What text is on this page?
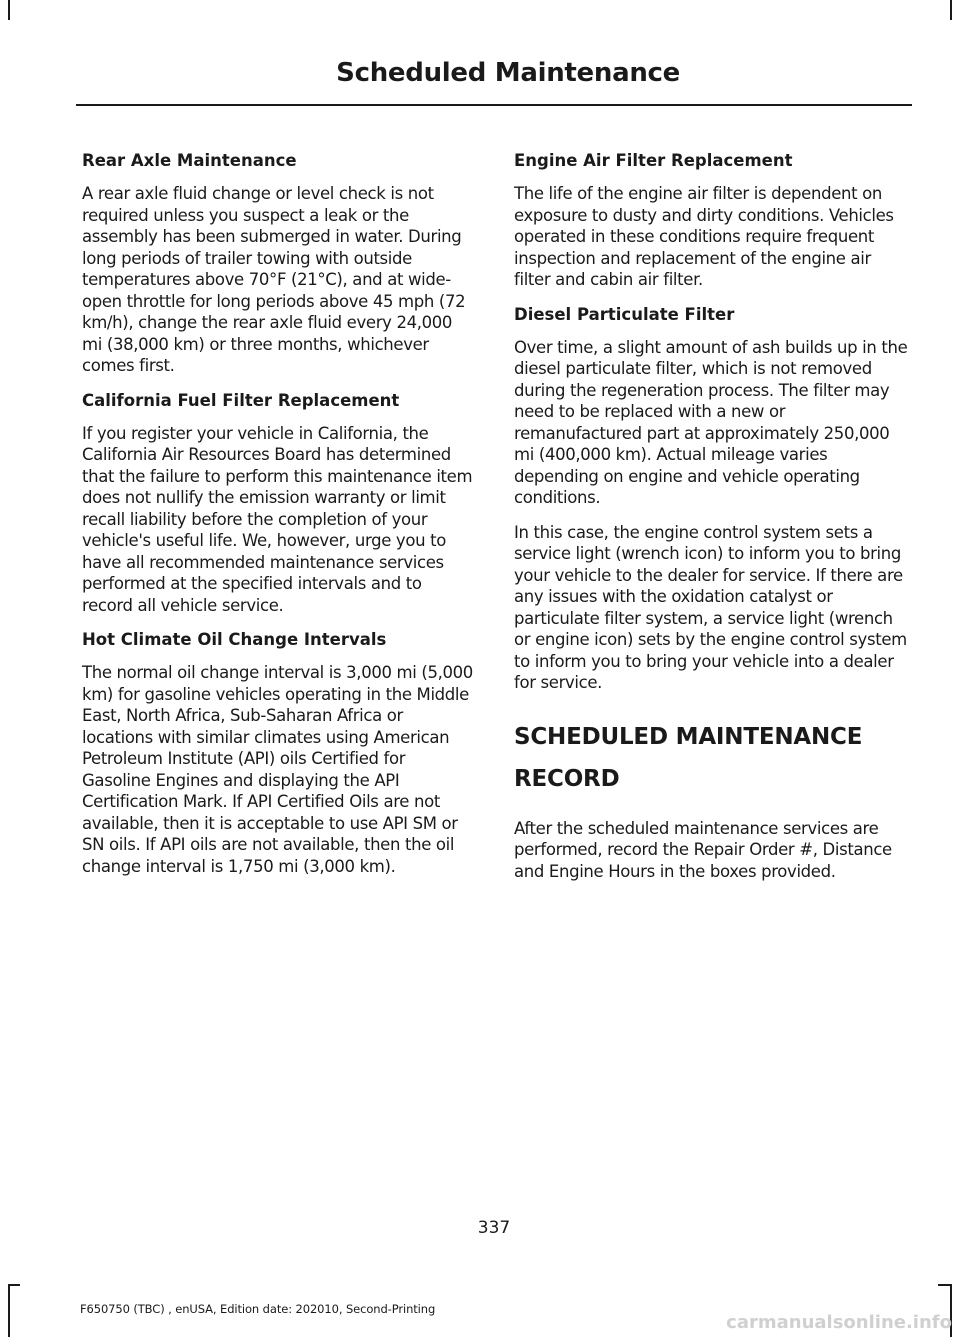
Scheduled Maintenance
Rear Axle Maintenance

A rear axle fluid change or level check is not required unless you suspect a leak or the assembly has been submerged in water. During long periods of trailer towing with outside temperatures above 70°F (21°C), and at wide-open throttle for long periods above 45 mph (72 km/h), change the rear axle fluid every 24,000 mi (38,000 km) or three months, whichever comes first.

California Fuel Filter Replacement

If you register your vehicle in California, the California Air Resources Board has determined that the failure to perform this maintenance item does not nullify the emission warranty or limit recall liability before the completion of your vehicle's useful life. We, however, urge you to have all recommended maintenance services performed at the specified intervals and to record all vehicle service.

Hot Climate Oil Change Intervals

The normal oil change interval is 3,000 mi (5,000 km) for gasoline vehicles operating in the Middle East, North Africa, Sub-Saharan Africa or locations with similar climates using American Petroleum Institute (API) oils Certified for Gasoline Engines and displaying the API Certification Mark. If API Certified Oils are not available, then it is acceptable to use API SM or SN oils. If API oils are not available, then the oil change interval is 1,750 mi (3,000 km).

Engine Air Filter Replacement

The life of the engine air filter is dependent on exposure to dusty and dirty conditions. Vehicles operated in these conditions require frequent inspection and replacement of the engine air filter and cabin air filter.

Diesel Particulate Filter

Over time, a slight amount of ash builds up in the diesel particulate filter, which is not removed during the regeneration process. The filter may need to be replaced with a new or remanufactured part at approximately 250,000 mi (400,000 km). Actual mileage varies depending on engine and vehicle operating conditions.

In this case, the engine control system sets a service light (wrench icon) to inform you to bring your vehicle to the dealer for service. If there are any issues with the oxidation catalyst or particulate filter system, a service light (wrench or engine icon) sets by the engine control system to inform you to bring your vehicle into a dealer for service.

SCHEDULED MAINTENANCE
RECORD

After the scheduled maintenance services are performed, record the Repair Order #, Distance and Engine Hours in the boxes provided.

337

F650750 (TBC) , enUSA, Edition date: 202010, Second-Printing

carmanualsonline.info
